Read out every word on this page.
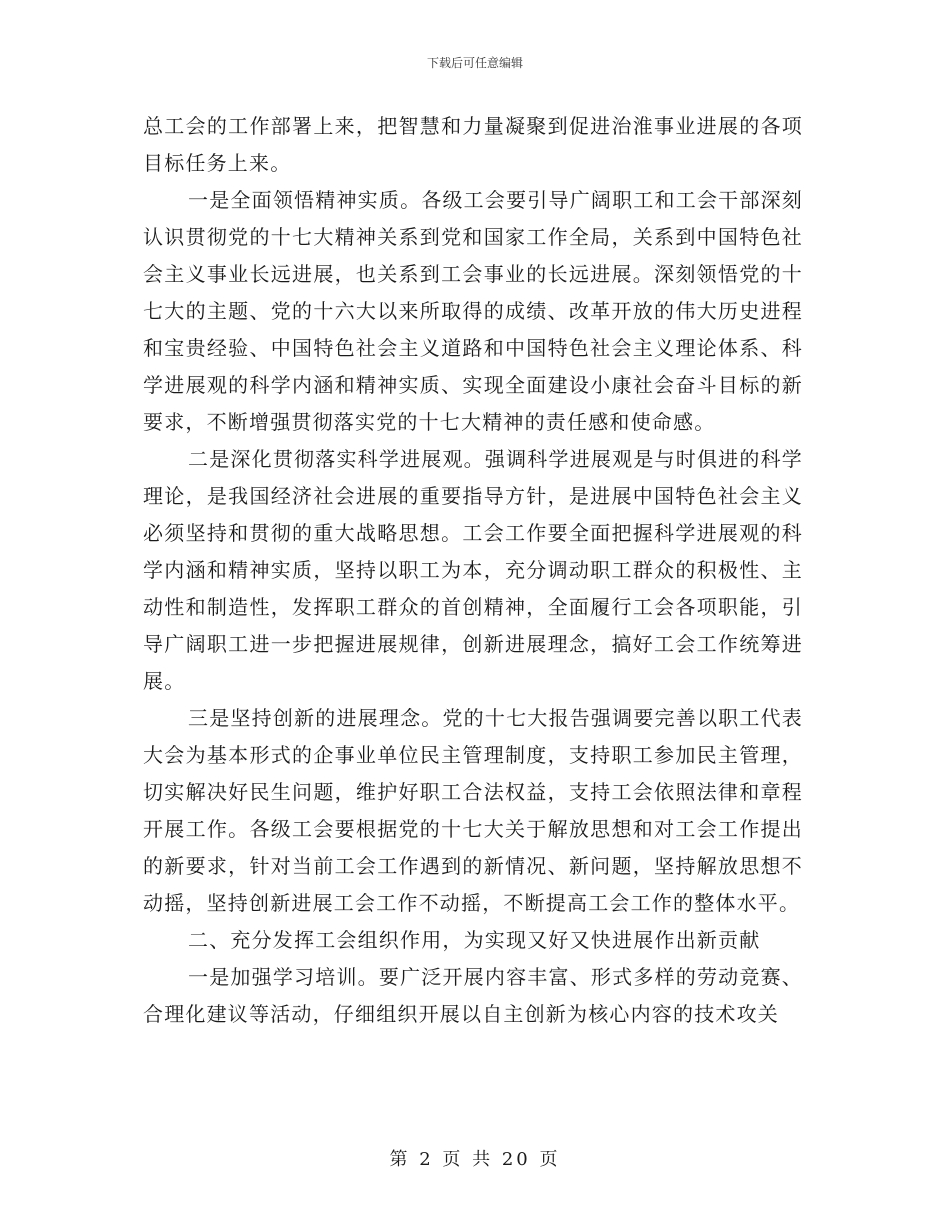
下载后可任意编辑

总工会的工作部署上来，把智慧和力量凝聚到促进治淮事业进展的各项目标任务上来。

一是全面领悟精神实质。各级工会要引导广阔职工和工会干部深刻认识贯彻党的十七大精神关系到党和国家工作全局，关系到中国特色社会主义事业长远进展，也关系到工会事业的长远进展。深刻领悟党的十七大的主题、党的十六大以来所取得的成绩、改革开放的伟大历史进程和宝贵经验、中国特色社会主义道路和中国特色社会主义理论体系、科学进展观的科学内涵和精神实质、实现全面建设小康社会奋斗目标的新要求，不断增强贯彻落实党的十七大精神的责任感和使命感。

二是深化贯彻落实科学进展观。强调科学进展观是与时俱进的科学理论，是我国经济社会进展的重要指导方针，是进展中国特色社会主义必须坚持和贯彻的重大战略思想。工会工作要全面把握科学进展观的科学内涵和精神实质，坚持以职工为本，充分调动职工群众的积极性、主动性和制造性，发挥职工群众的首创精神，全面履行工会各项职能，引导广阔职工进一步把握进展规律，创新进展理念，搞好工会工作统筹进展。

三是坚持创新的进展理念。党的十七大报告强调要完善以职工代表大会为基本形式的企事业单位民主管理制度，支持职工参加民主管理，切实解决好民生问题，维护好职工合法权益，支持工会依照法律和章程开展工作。各级工会要根据党的十七大关于解放思想和对工会工作提出的新要求，针对当前工会工作遇到的新情况、新问题，坚持解放思想不动摇，坚持创新进展工会工作不动摇，不断提高工会工作的整体水平。

二、充分发挥工会组织作用，为实现又好又快进展作出新贡献

一是加强学习培训。要广泛开展内容丰富、形式多样的劳动竞赛、合理化建议等活动，仔细组织开展以自主创新为核心内容的技术攻关

第 2 页 共 20 页
